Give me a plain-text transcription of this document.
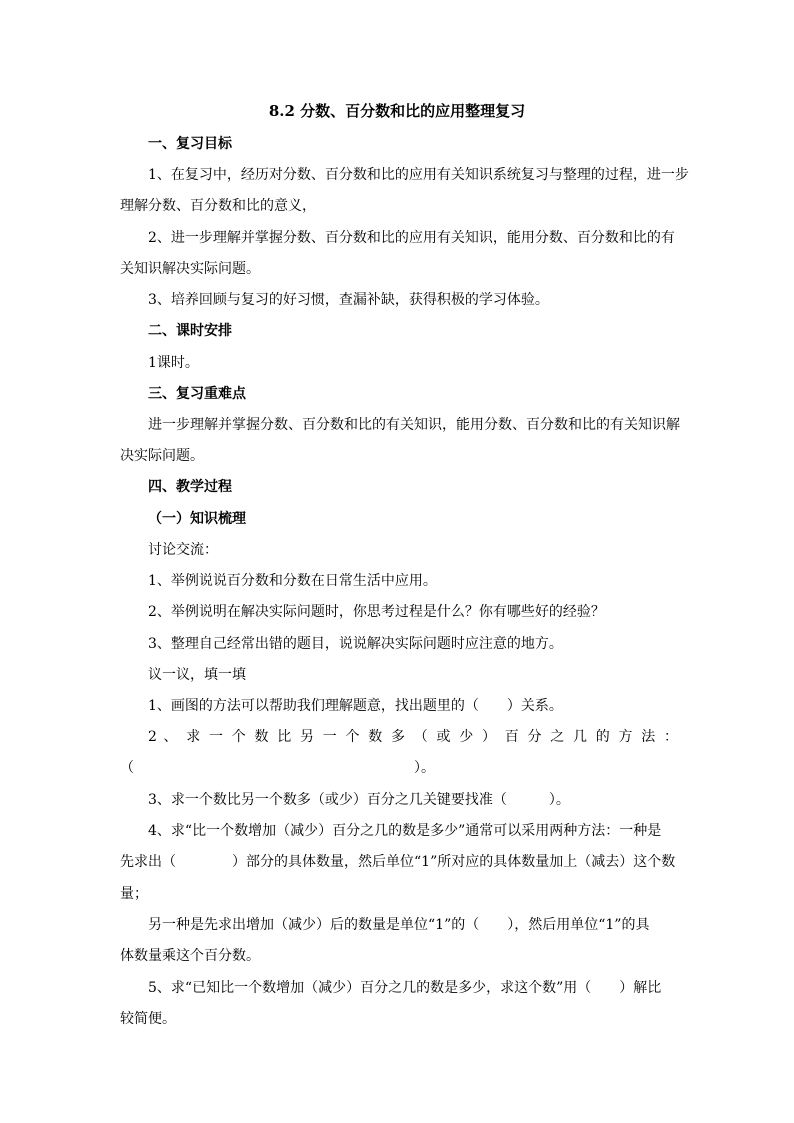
8.2 分数、百分数和比的应用整理复习
一、复习目标
1、在复习中，经历对分数、百分数和比的应用有关知识系统复习与整理的过程，进一步
理解分数、百分数和比的意义，
2、进一步理解并掌握分数、百分数和比的应用有关知识，能用分数、百分数和比的有
关知识解决实际问题。
3、培养回顾与复习的好习惯，查漏补缺，获得积极的学习体验。
二、课时安排
1课时。
三、复习重难点
进一步理解并掌握分数、百分数和比的有关知识，能用分数、百分数和比的有关知识解
决实际问题。
四、教学过程
（一）知识梳理
讨论交流：
1、举例说说百分数和分数在日常生活中应用。
2、举例说明在解决实际问题时，你思考过程是什么？你有哪些好的经验？
3、整理自己经常出错的题目，说说解决实际问题时应注意的地方。
议一议，填一填
1、画图的方法可以帮助我们理解题意，找出题里的（　　）关系。
2 、 求 一 个 数 比 另 一 个 数 多 （ 或 少 ） 百 分 之 几 的 方 法 ：
（　　　　　　　　　　　　　　　　　　　　）。
3、求一个数比另一个数多（或少）百分之几关键要找准（　　　）。
4、求“比一个数增加（减少）百分之几的数是多少”通常可以采用两种方法：一种是
先求出（　　　　）部分的具体数量，然后单位“1”所对应的具体数量加上（减去）这个数
量；
另一种是先求出增加（减少）后的数量是单位“1”的（　　），然后用单位“1”的具
体数量乘这个百分数。
5、求“已知比一个数增加（减少）百分之几的数是多少，求这个数”用（　　）解比
较简便。
